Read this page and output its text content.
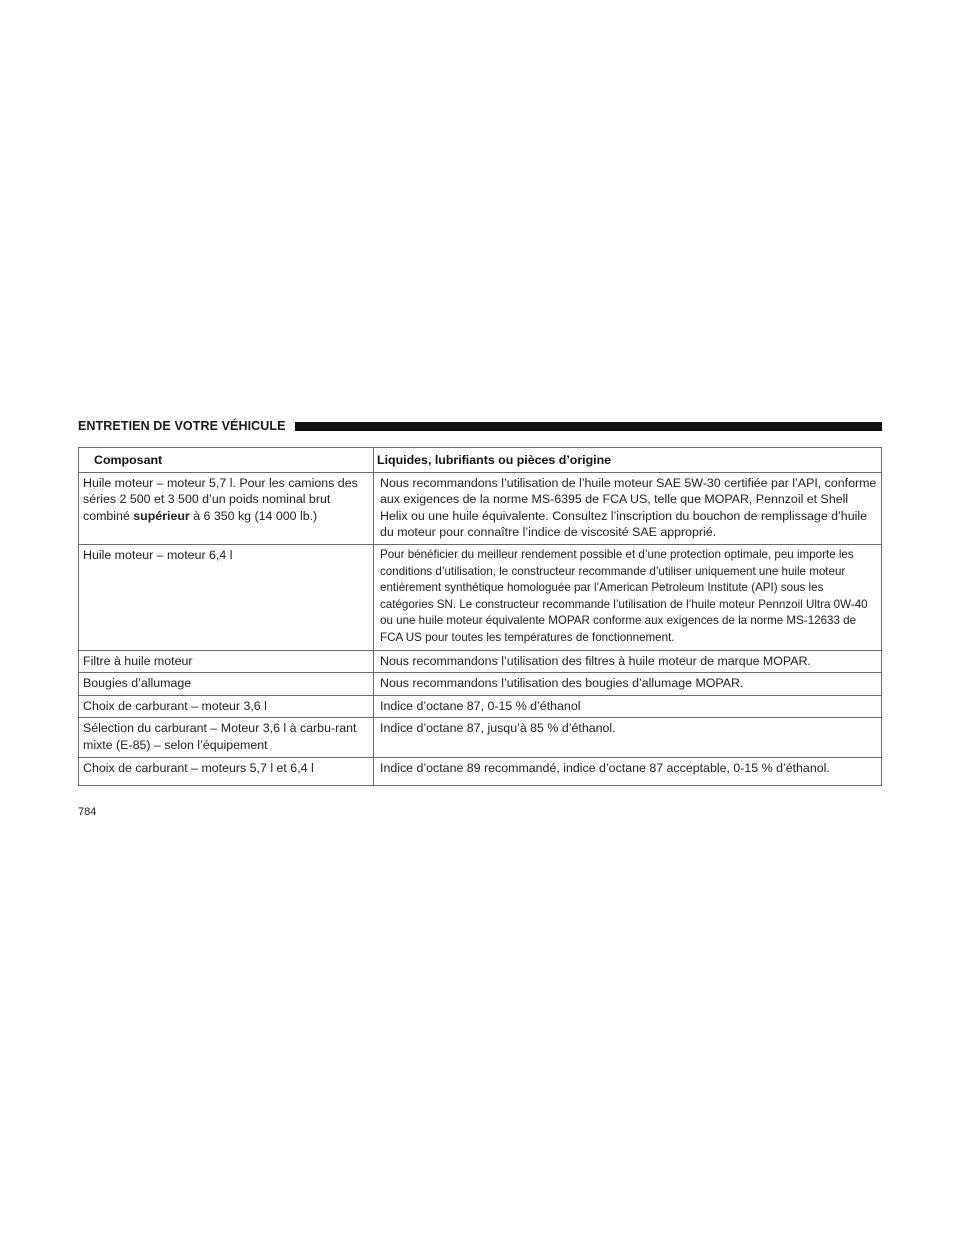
ENTRETIEN DE VOTRE VÉHICULE
Composant	Liquides, lubrifiants ou pièces d’origine
Huile moteur – moteur 5,7 l. Pour les camions des séries 2 500 et 3 500 d’un poids nominal brut combiné supérieur à 6 350 kg (14 000 lb.)	Nous recommandons l’utilisation de l’huile moteur SAE 5W-30 certifiée par l’API, conforme aux exigences de la norme MS-6395 de FCA US, telle que MOPAR, Pennzoil et Shell Helix ou une huile équivalente. Consultez l’inscription du bouchon de remplissage d’huile du moteur pour connaître l’indice de viscosité SAE approprié.
Huile moteur – moteur 6,4 l	Pour bénéficier du meilleur rendement possible et d’une protection optimale, peu importe les conditions d’utilisation, le constructeur recommande d’utiliser uniquement une huile moteur entièrement synthétique homologuée par l’American Petroleum Institute (API) sous les catégories SN. Le constructeur recommande l’utilisation de l’huile moteur Pennzoil Ultra 0W-40 ou une huile moteur équivalente MOPAR conforme aux exigences de la norme MS-12633 de FCA US pour toutes les températures de fonctionnement.
Filtre à huile moteur	Nous recommandons l’utilisation des filtres à huile moteur de marque MOPAR.
Bougies d’allumage	Nous recommandons l’utilisation des bougies d’allumage MOPAR.
Choix de carburant – moteur 3,6 l	Indice d’octane 87, 0-15 % d’éthanol
Sélection du carburant – Moteur 3,6 l à carbu-rant mixte (E-85) – selon l’équipement	Indice d’octane 87, jusqu’à 85 % d’éthanol.
Choix de carburant – moteurs 5,7 l et 6,4 l	Indice d’octane 89 recommandé, indice d’octane 87 acceptable, 0-15 % d’éthanol.
784
